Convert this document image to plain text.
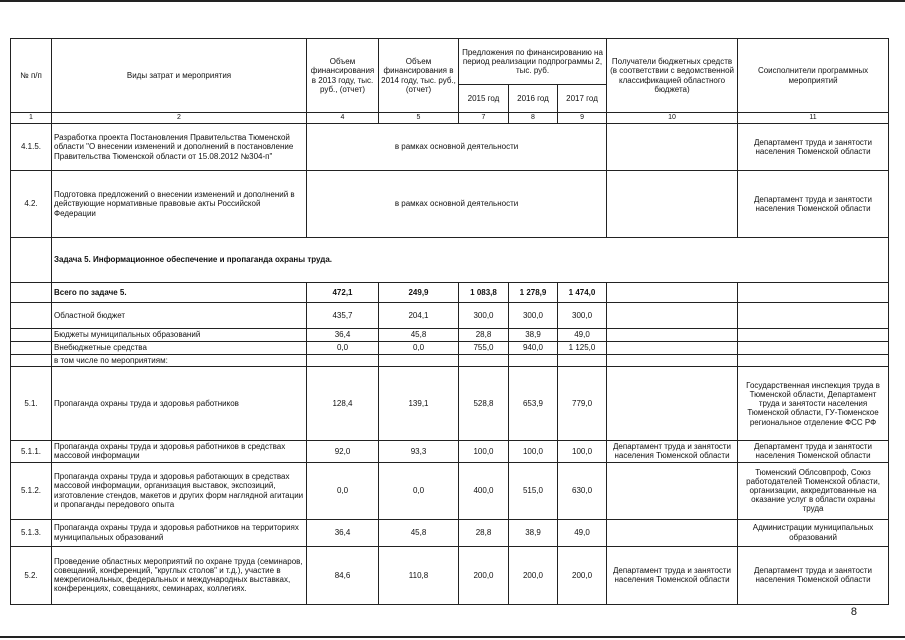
№ п/п	Виды затрат и мероприятия	Объем финансирования в 2013 году, тыс. руб., (отчет)	Объем финансирования в 2014 году, тыс. руб., (отчет)	Предложения по финансированию на период реализации подпрограммы 2, тыс. руб.			Получатели бюджетных средств (в соответствии с ведомственной классификацией областного бюджета)	Соисполнители программных мероприятий
				2015 год	2016 год	2017 год		
1	2	4	5	7	8	9	10	11
4.1.5.	Разработка проекта Постановления Правительства Тюменской области "О внесении изменений и дополнений в постановление Правительства Тюменской области от 15.08.2012 №304-п"	в рамках основной деятельности						Департамент труда и занятости населения Тюменской области
4.2.	Подготовка предложений о внесении изменений и дополнений в действующие нормативные правовые акты Российской Федерации	в рамках основной деятельности						Департамент труда и занятости населения Тюменской области
	Задача 5. Информационное обеспечение и пропаганда охраны труда.							
	Всего по задаче 5.	472,1	249,9	1 083,8	1 278,9	1 474,0		
	Областной бюджет	435,7	204,1	300,0	300,0	300,0		
	Бюджеты муниципальных образований	36,4	45,8	28,8	38,9	49,0		
	Внебюджетные средства	0,0	0,0	755,0	940,0	1 125,0		
	в том числе по мероприятиям:							
5.1.	Пропаганда охраны труда и здоровья работников	128,4	139,1	528,8	653,9	779,0		Государственная инспекция труда в Тюменской области, Департамент труда и занятости населения Тюменской области, ГУ-Тюменское региональное отделение ФСС РФ
5.1.1.	Пропаганда охраны труда и здоровья работников в средствах массовой информации	92,0	93,3	100,0	100,0	100,0	Департамент труда и занятости населения Тюменской области	Департамент труда и занятости населения Тюменской области
5.1.2.	Пропаганда охраны труда и здоровья работающих в средствах массовой информации, организация выставок, экспозиций, изготовление стендов, макетов и других форм наглядной агитации и пропаганды передового опыта	0,0	0,0	400,0	515,0	630,0		Тюменский Облсовпроф, Союз работодателей Тюменской области, организации, аккредитованные на оказание услуг в области охраны труда
5.1.3.	Пропаганда охраны труда и здоровья работников на территориях муниципальных образований	36,4	45,8	28,8	38,9	49,0		Администрации муниципальных образований
5.2.	Проведение областных мероприятий по охране труда (семинаров, совещаний, конференций, "круглых столов" и т.д.), участие в межрегиональных, федеральных и международных выставках, конференциях, совещаниях, семинарах, коллегиях.	84,6	110,8	200,0	200,0	200,0	Департамент труда и занятости населения Тюменской области	Департамент труда и занятости населения Тюменской области
8
